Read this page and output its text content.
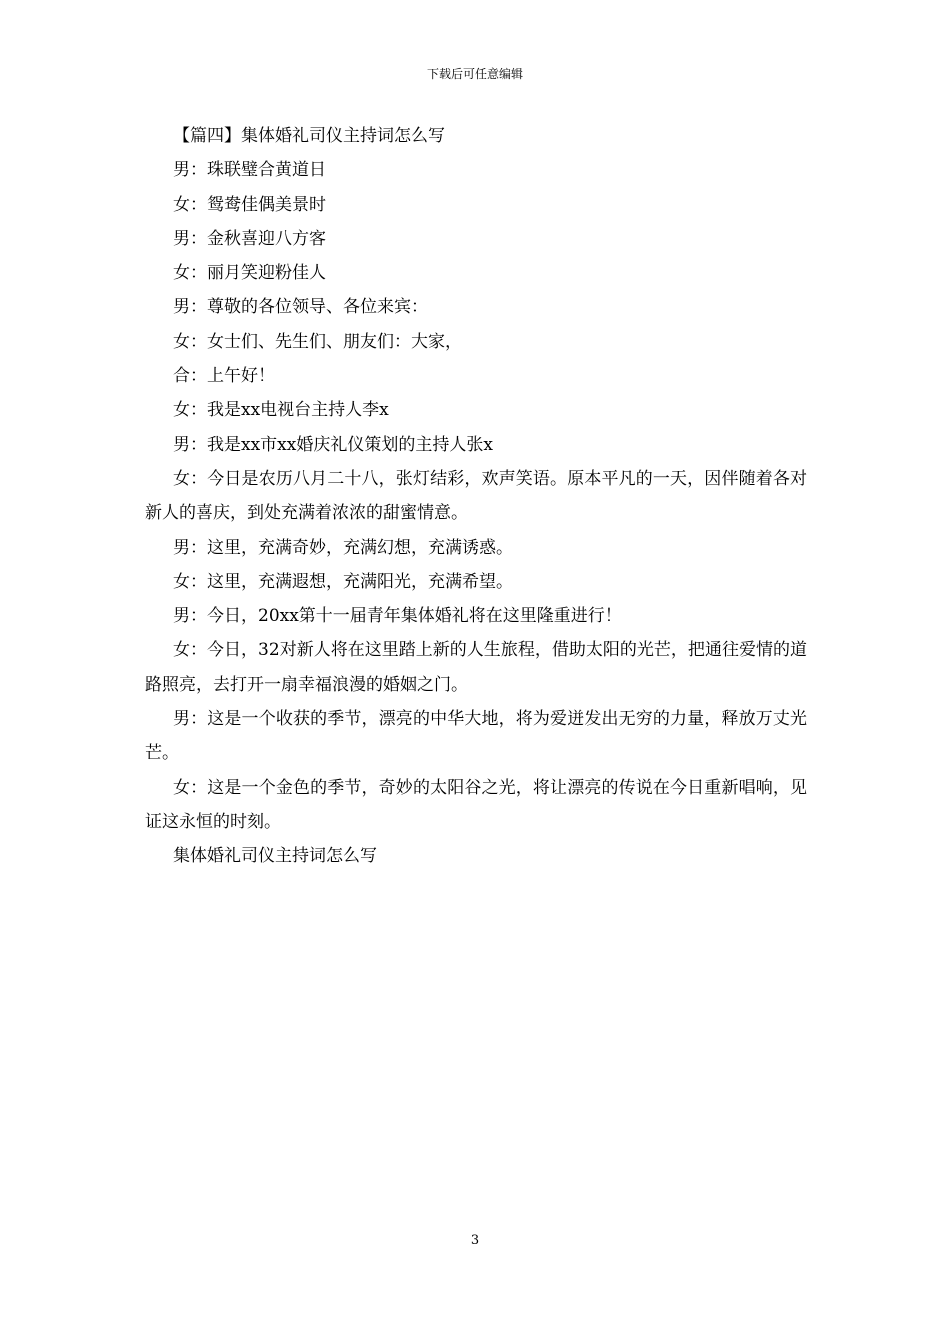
下载后可任意编辑

【篇四】集体婚礼司仪主持词怎么写

男：珠联璧合黄道日

女：鸳鸯佳偶美景时

男：金秋喜迎八方客

女：丽月笑迎粉佳人

男：尊敬的各位领导、各位来宾：

女：女士们、先生们、朋友们：大家，

合：上午好！

女：我是xx电视台主持人李x

男：我是xx市xx婚庆礼仪策划的主持人张x

女：今日是农历八月二十八，张灯结彩，欢声笑语。原本平凡的一天，因伴随着各对新人的喜庆，到处充满着浓浓的甜蜜情意。

男：这里，充满奇妙，充满幻想，充满诱惑。

女：这里，充满遐想，充满阳光，充满希望。

男：今日，20xx第十一届青年集体婚礼将在这里隆重进行！

女：今日，32对新人将在这里踏上新的人生旅程，借助太阳的光芒，把通往爱情的道路照亮，去打开一扇幸福浪漫的婚姻之门。

男：这是一个收获的季节，漂亮的中华大地，将为爱迸发出无穷的力量，释放万丈光芒。

女：这是一个金色的季节，奇妙的太阳谷之光，将让漂亮的传说在今日重新唱响，见证这永恒的时刻。

集体婚礼司仪主持词怎么写

3
